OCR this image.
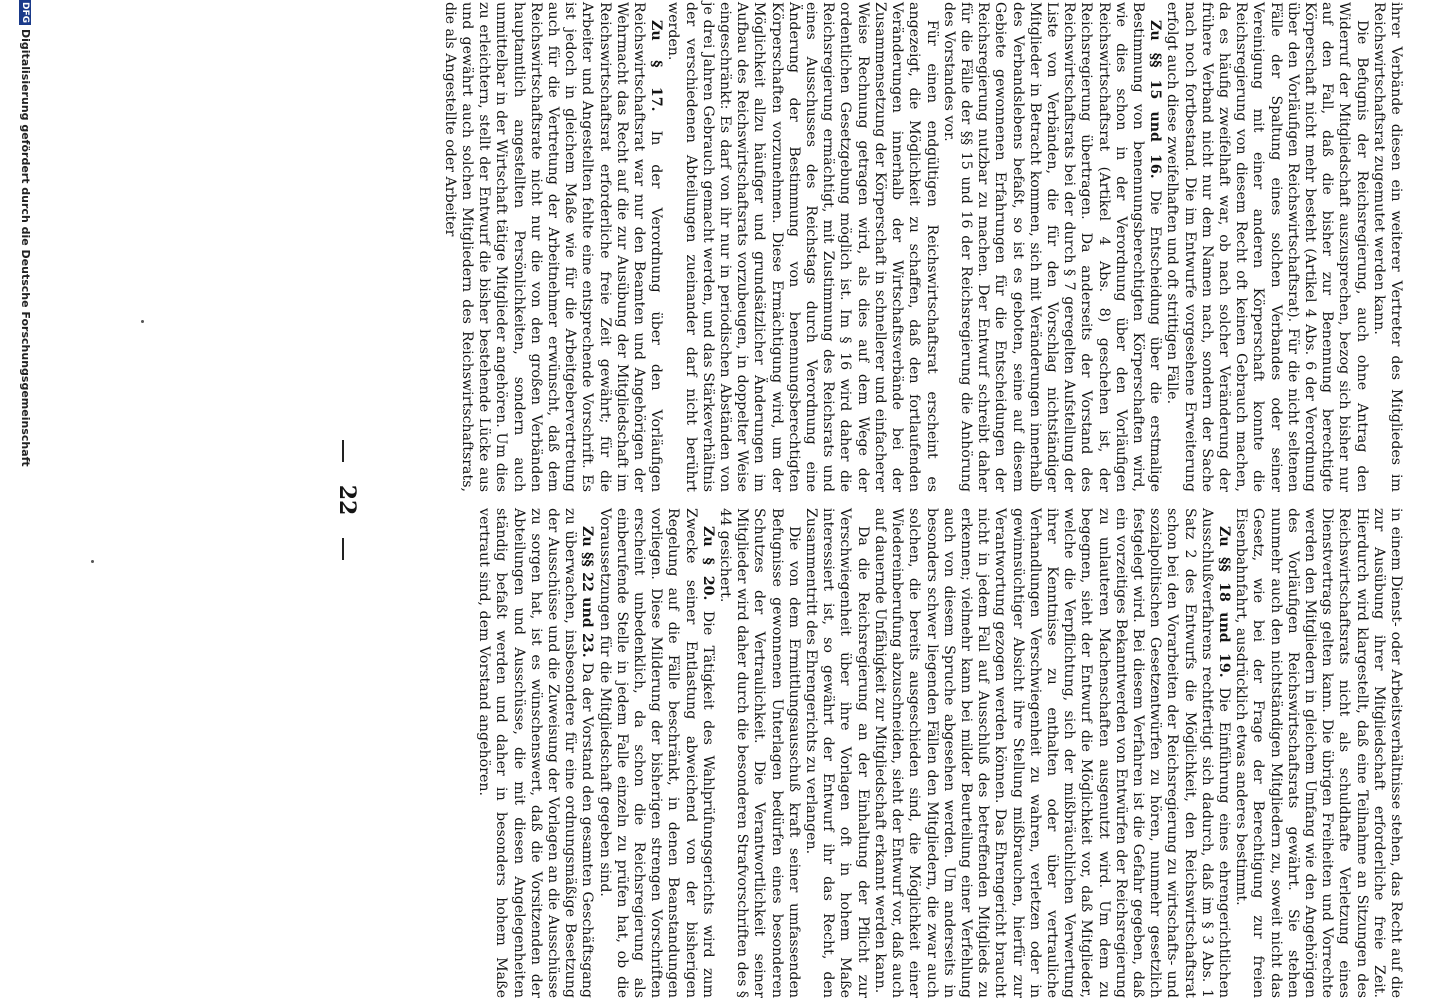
22

ihrer Verbände diesen ein weiterer Vertreter des Mitgliedes im Reichswirtschaftsrat zugemutet werden kann.

Die Befugnis der Reichsregierung, auch ohne Antrag den Widerruf der Mitgliedschaft auszusprechen, bezog sich bisher nur auf den Fall, daß die bisher zur Benennung berechtigte Körperschaft nicht mehr besteht (Artikel 4 Abs. 6 der Verordnung über den Vorläufigen Reichswirtschaftsrat). Für die nicht seltenen Fälle der Spaltung eines solchen Verbandes oder seiner Vereinigung mit einer anderen Körperschaft konnte die Reichsregierung von diesem Recht oft keinen Gebrauch machen, da es häufig zweifelhaft war, ob nach solcher Veränderung der frühere Verband nicht nur dem Namen nach, sondern der Sache nach noch fortbestand. Die im Entwurfe vorgesehene Erweiterung erfolgt auch diese zweifelhaften und oft strittigen Fälle.

Zu §§ 15 und 16. Die Entscheidung über die erstmalige Bestimmung von benennungsberechtigten Körperschaften wird, wie dies schon in der Verordnung über den Vorläufigen Reichswirtschaftsrat (Artikel 4 Abs. 8) geschehen ist, der Reichsregierung übertragen. Da anderseits der Vorstand des Reichswirtschaftsrats bei der durch § 7 geregelten Aufstellung der Liste von Verbänden, die für den Vorschlag nichtständiger Mitglieder in Betracht kommen, sich mit Veränderungen innerhalb des Verbandslebens befaßt, so ist es geboten, seine auf diesem Gebiete gewonnenen Erfahrungen für die Entscheidungen der Reichsregierung nutzbar zu machen. Der Entwurf schreibt daher für die Fälle der §§ 15 und 16 der Reichsregierung die Anhörung des Vorstandes vor.

Für einen endgültigen Reichswirtschaftsrat erscheint es angezeigt, die Möglichkeit zu schaffen, daß den fortlaufenden Veränderungen innerhalb der Wirtschaftsverbände bei der Zusammensetzung der Körperschaft in schnellerer und einfacherer Weise Rechnung getragen wird, als dies auf dem Wege der ordentlichen Gesetzgebung möglich ist. Im § 16 wird daher die Reichsregierung ermächtigt, mit Zustimmung des Reichsrats und eines Ausschusses des Reichstags durch Verordnung eine Änderung der Bestimmung von benennungsberechtigten Körperschaften vorzunehmen. Diese Ermächtigung wird, um der Möglichkeit allzu häufiger und grundsätzlicher Änderungen im Aufbau des Reichswirtschaftsrats vorzubeugen, in doppelter Weise eingeschränkt: Es darf von ihr nur in periodischen Abständen von je drei Jahren Gebrauch gemacht werden, und das Stärkeverhältnis der verschiedenen Abteilungen zueinander darf nicht berührt werden.

Zu § 17. In der Verordnung über den Vorläufigen Reichswirtschaftsrat war nur den Beamten und Angehörigen der Wehrmacht das Recht auf die zur Ausübung der Mitgliedschaft im Reichswirtschaftsrat erforderliche freie Zeit gewährt; für die Arbeiter und Angestellten fehlte eine entsprechende Vorschrift. Es ist jedoch in gleichem Maße wie für die Arbeitgebervertretung auch für die Vertretung der Arbeitnehmer erwünscht, daß dem Reichswirtschaftsrate nicht nur die von den großen Verbänden hauptamtlich angestellten Persönlichkeiten, sondern auch unmittelbar in der Wirtschaft tätige Mitglieder angehören. Um dies zu erleichtern, stellt der Entwurf die bisher bestehende Lücke aus und gewährt auch solchen Mitgliedern des Reichswirtschaftsrats, die als Angestellte oder Arbeiter

in einem Dienst- oder Arbeitsverhältnisse stehen, das Recht auf die zur Ausübung ihrer Mitgliedschaft erforderliche freie Zeit. Hierdurch wird klargestellt, daß eine Teilnahme an Sitzungen des Reichswirtschaftsrats nicht als schuldhafte Verletzung eines Dienstvertrags gelten kann. Die übrigen Freiheiten und Vorrechte werden den Mitgliedern in gleichem Umfang wie den Angehörigen des Vorläufigen Reichswirtschaftsrats gewährt. Sie stehen nunmehr auch den nichtständigen Mitgliedern zu, soweit nicht das Gesetz, wie bei der Frage der Berechtigung zur freien Eisenbahnfahrt, ausdrücklich etwas anderes bestimmt.

Zu §§ 18 und 19. Die Einführung eines ehrengerichtlichen Ausschlußverfahrens rechtfertigt sich dadurch, daß im § 3 Abs. 1 Satz 2 des Entwurfs die Möglichkeit, den Reichswirtschaftsrat schon bei den Vorarbeiten der Reichsregierung zu wirtschafts- und sozialpolitischen Gesetzentwürfen zu hören, nunmehr gesetzlich festgelegt wird. Bei diesem Verfahren ist die Gefahr gegeben, daß ein vorzeitiges Bekanntwerden von Entwürfen der Reichsregierung zu unlauteren Machenschaften ausgenutzt wird. Um dem zu begegnen, sieht der Entwurf die Möglichkeit vor, daß Mitglieder, welche die Verpflichtung, sich der mißbräuchlichen Verwertung ihrer Kenntnisse zu enthalten oder über vertrauliche Verhandlungen Verschwiegenheit zu wahren, verletzen oder in gewinnsüchtiger Absicht ihre Stellung mißbrauchen, hierfür zur Verantwortung gezogen werden können. Das Ehrengericht braucht nicht in jedem Fall auf Ausschluß des betreffenden Mitglieds zu erkennen; vielmehr kann bei milder Beurteilung einer Verfehlung auch von diesem Spruche abgesehen werden. Um anderseits in besonders schwer liegenden Fällen den Mitgliedern, die zwar auch solchen, die bereits ausgeschieden sind, die Möglichkeit einer Wiedereinberufung abzuschneiden, sieht der Entwurf vor, daß auch auf dauernde Unfähigkeit zur Mitgliedschaft erkannt werden kann.

Da die Reichsregierung an der Einhaltung der Pflicht zur Verschwiegenheit über ihre Vorlagen oft in hohem Maße interessiert ist, so gewährt der Entwurf ihr das Recht, den Zusammentritt des Ehrengerichts zu verlangen.

Die von dem Ermittlungsausschuß kraft seiner umfassenden Befugnisse gewonnenen Unterlagen bedürfen eines besonderen Schutzes der Vertraulichkeit. Die Verantwortlichkeit seiner Mitglieder wird daher durch die besonderen Strafvorschriften des § 44 gesichert.

Zu § 20. Die Tätigkeit des Wahlprüfungsgerichts wird zum Zwecke seiner Entlastung abweichend von der bisherigen Regelung auf die Fälle beschränkt, in denen Beanstandungen vorliegen. Diese Milderung der bisherigen strengen Vorschriften erscheint unbedenklich, da schon die Reichsregierung als einberufende Stelle in jedem Falle einzeln zu prüfen hat, ob die Voraussetzungen für die Mitgliedschaft gegeben sind.

Zu §§ 22 und 23. Da der Vorstand den gesamten Geschäftsgang zu überwachen, insbesondere für eine ordnungsmäßige Besetzung der Ausschüsse und die Zuweisung der Vorlagen an die Ausschüsse zu sorgen hat, ist es wünschenswert, daß die Vorsitzenden der Abteilungen und Ausschüsse, die mit diesen Angelegenheiten ständig befaßt werden und daher in besonders hohem Maße vertraut sind, dem Vorstand angehören.

DFGDigitalisierung gefördert durch die Deutsche Forschungsgemeinschaft
